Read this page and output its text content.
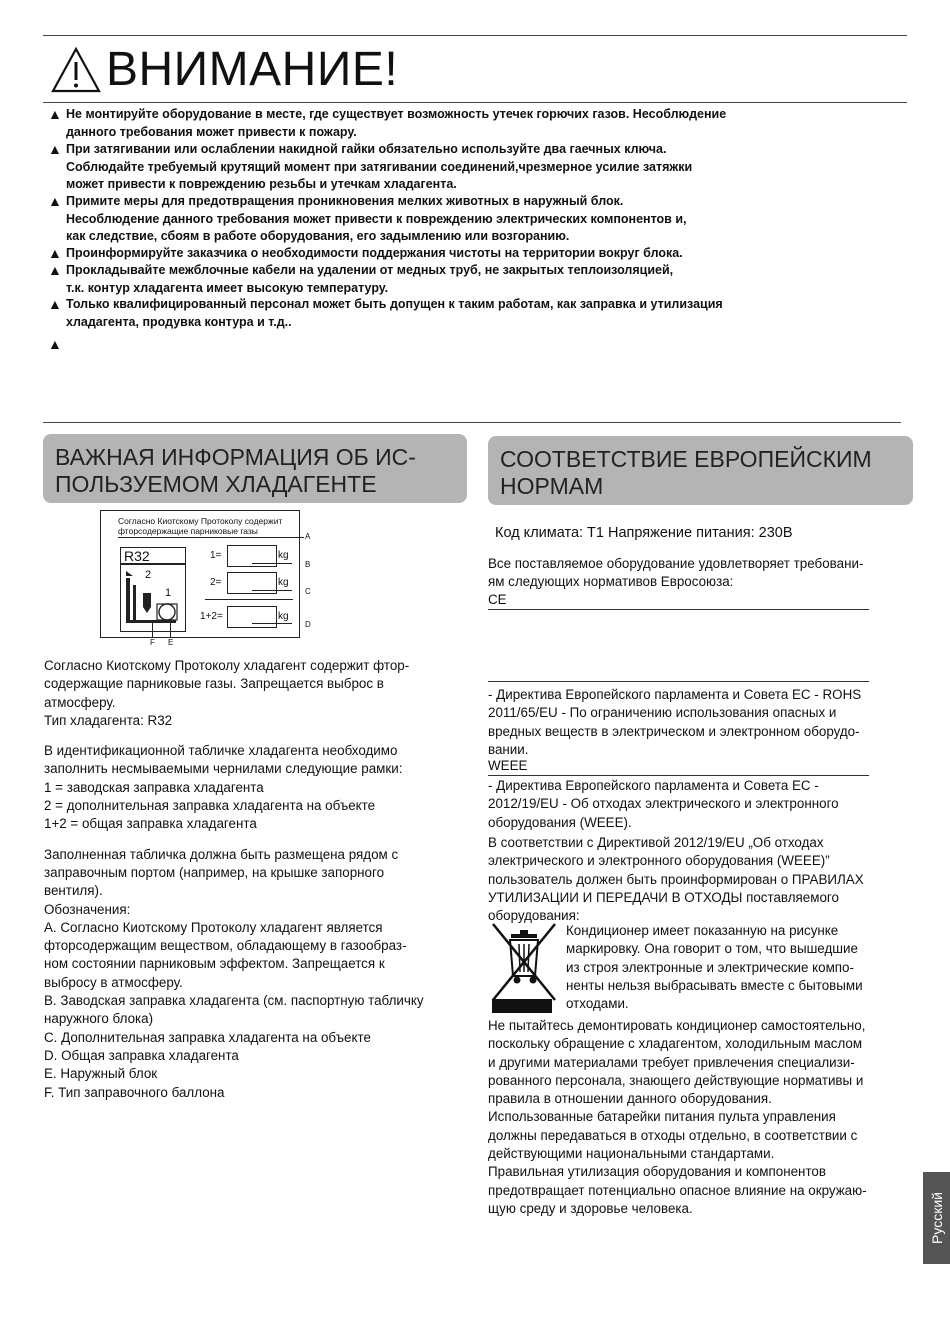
ВНИМАНИЕ!
▲ Не монтируйте оборудование в месте, где существует возможность утечек горючих газов. Несоблюдение
данного требования может привести к пожару.
▲ При затягивании или ослаблении накидной гайки обязательно используйте два гаечных ключа.
Соблюдайте требуемый крутящий момент при затягивании соединений,чрезмерное усилие затяжки
может привести к повреждению резьбы и утечкам хладагента.
▲ Примите меры для предотвращения проникновения мелких животных в наружный блок.
Несоблюдение данного требования может привести к повреждению электрических компонентов и,
как следствие, сбоям в работе оборудования, его задымлению или возгоранию.
▲ Проинформируйте заказчика о необходимости поддержания чистоты на территории вокруг блока.
▲ Прокладывайте межблочные кабели на удалении от медных труб, не закрытых теплоизоляцией,
т.к. контур хладагента имеет высокую температуру.
▲ Только квалифицированный персонал может быть допущен к таким работам, как заправка и утилизация
хладагента, продувка контура и т.д..
▲

ВАЖНАЯ ИНФОРМАЦИЯ ОБ ИС-
ПОЛЬЗУЕМОМ ХЛАДАГЕНТЕ
СООТВЕТСТВИЕ ЕВРОПЕЙСКИМ
НОРМАМ
Согласно Киотскому Протоколу содержит
фторсодержащие парниковые газы
R32
2
1
1=	kg
2=	kg
1+2=	kg
A
B
C
D
F E

Согласно Киотскому Протоколу хладагент содержит фтор-

содержащие парниковые газы. Запрещается выброс в

атмосферу.

Тип хладагента: R32

В идентификационной табличке хладагента необходимо

заполнить несмываемыми чернилами следующие рамки:

1 = заводская заправка хладагента

2 = дополнительная заправка хладагента на объекте

1+2 = общая заправка хладагента

Заполненная табличка должна быть размещена рядом с

заправочным портом (например, на крышке запорного

вентиля).

Обозначения:

A. Согласно Киотскому Протоколу хладагент является

фторсодержащим веществом, обладающему в газообраз-

ном состоянии парниковым эффектом. Запрещается к

выбросу в атмосферу.

B. Заводская заправка хладагента (см. паспортную табличку

наружного блока)

C. Дополнительная заправка хладагента на объекте

D. Общая заправка хладагента

E. Наружный блок

F. Тип заправочного баллона

Код климата: T1 Напряжение питания: 230В

Все поставляемое оборудование удовлетворяет требовани-

ям следующих нормативов Евросоюза:

CE

- Директива Европейского парламента и Совета ЕС - ROHS

2011/65/EU - По ограничению использования опасных и

вредных веществ в электрическом и электронном оборудо-

вании.

WEEE

- Директива Европейского парламента и Совета ЕС -

2012/19/EU - Об отходах электрического и электронного

оборудования (WEEE).

В соответствии с Директивой 2012/19/EU „Об отходах

электрического и электронного оборудования (WEEE)”

пользователь должен быть проинформирован о ПРАВИЛАХ

УТИЛИЗАЦИИ И ПЕРЕДАЧИ В ОТХОДЫ поставляемого

оборудования:

Кондиционер имеет показанную на рисунке

маркировку. Она говорит о том, что вышедшие

из строя электронные и электрические компо-

ненты нельзя выбрасывать вместе с бытовыми

отходами.

Не пытайтесь демонтировать кондиционер самостоятельно,

поскольку обращение с хладагентом, холодильным маслом

и другими материалами требует привлечения специализи-

рованного персонала, знающего действующие нормативы и

правила в отношении данного оборудования.

Использованные батарейки питания пульта управления

должны передаваться в отходы отдельно, в соответствии с

действующими национальными стандартами.

Правильная утилизация оборудования и компонентов

предотвращает потенциально опасное влияние на окружаю-

щую среду и здоровье человека.	Русский
